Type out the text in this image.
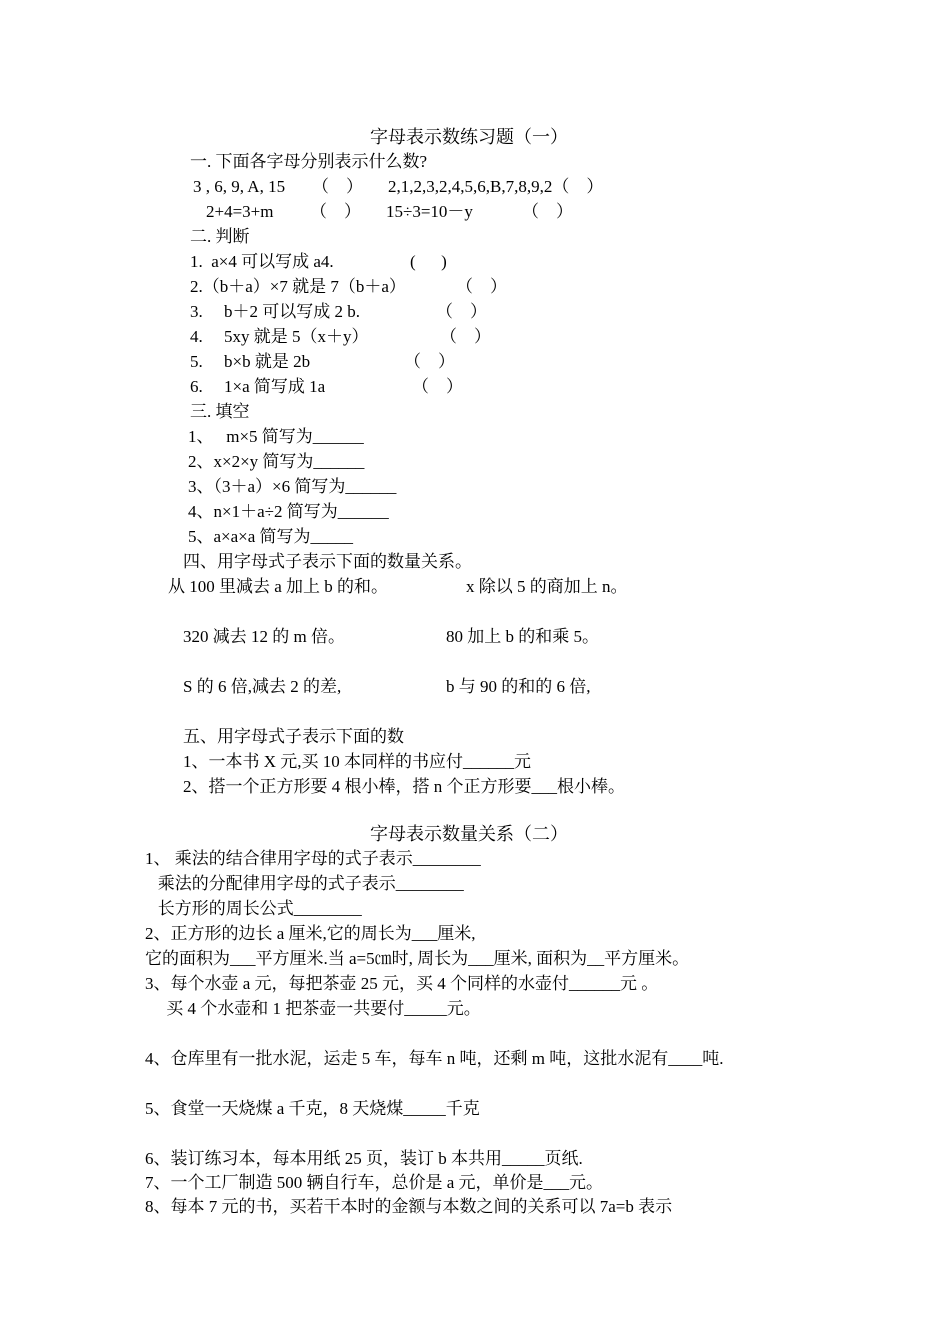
字母表示数练习题（一）
一. 下面各字母分别表示什么数?
3 , 6, 9, A, 15 （    ） 2,1,2,3,2,4,5,6,B,7,8,9,2（    ）
2+4=3+m （    ） 15÷3=10－y	（    ）
二. 判断
1.  a×4 可以写成 a4.	(      )
2.（b＋a）×7 就是 7（b＋a）	（    ）
3.     b＋2 可以写成 2 b.	（    ）
4.     5xy 就是 5（x＋y）	（    ）
5.     b×b 就是 2b	（    ）
6.     1×a 简写成 1a	（    ）
三. 填空
1、   m×5 简写为______
2、x×2×y 简写为______
3、（3＋a）×6 简写为______
4、n×1＋a÷2 简写为______
5、a×a×a 简写为_____
四、用字母式子表示下面的数量关系。
从 100 里减去 a 加上 b 的和。	x 除以 5 的商加上 n。
320 减去 12 的 m 倍。	80 加上 b 的和乘 5。
S 的 6 倍,减去 2 的差,	b 与 90 的和的 6 倍,
五、用字母式子表示下面的数
1、一本书 X 元,买 10 本同样的书应付______元
2、搭一个正方形要 4 根小棒，搭 n 个正方形要___根小棒。
字母表示数量关系（二）
1、 乘法的结合律用字母的式子表示________
乘法的分配律用字母的式子表示________
长方形的周长公式________
2、正方形的边长 a 厘米,它的周长为___厘米,
它的面积为___平方厘米.当 a=5㎝时, 周长为___厘米, 面积为__平方厘米。
3、每个水壶 a 元，每把茶壶 25 元，买 4 个同样的水壶付______元 。
买 4 个水壶和 1 把茶壶一共要付_____元。
4、仓库里有一批水泥，运走 5 车，每车 n 吨，还剩 m 吨，这批水泥有____吨.
5、食堂一天烧煤 a 千克，8 天烧煤_____千克
6、装订练习本，每本用纸 25 页，装订 b 本共用_____页纸.
7、一个工厂制造 500 辆自行车，总价是 a 元，单价是___元。
8、每本 7 元的书，买若干本时的金额与本数之间的关系可以 7a=b 表示
